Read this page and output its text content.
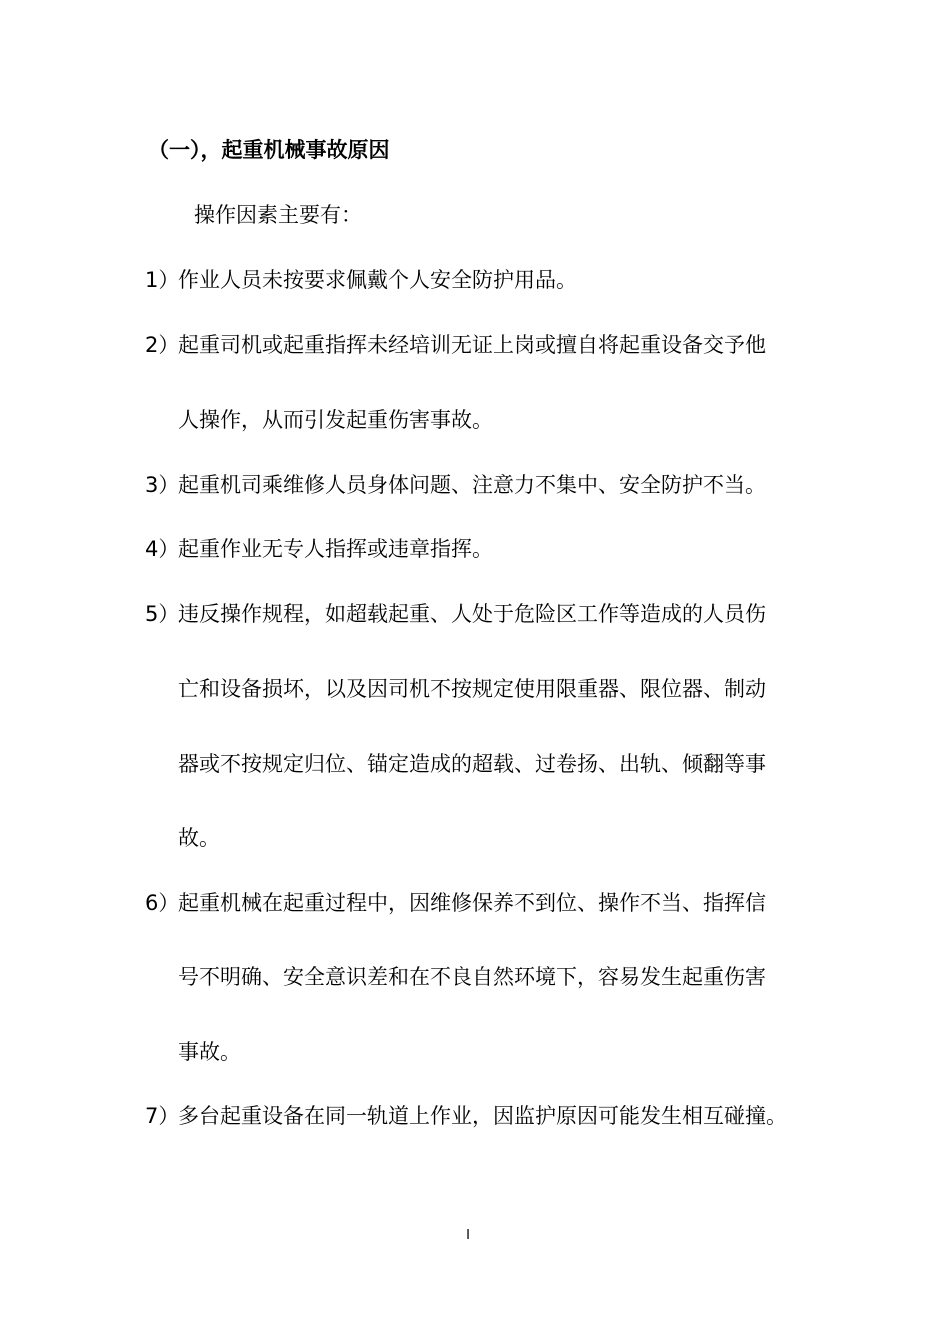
（一），起重机械事故原因
操作因素主要有：
1）
作业人员未按要求佩戴个人安全防护用品。
2）
起重司机或起重指挥未经培训无证上岗或擅自将起重设备交予他
人操作，从而引发起重伤害事故。
3）
起重机司乘维修人员身体问题、注意力不集中、安全防护不当。
4）
起重作业无专人指挥或违章指挥。
5）
违反操作规程，如超载起重、人处于危险区工作等造成的人员伤
亡和设备损坏，以及因司机不按规定使用限重器、限位器、制动
器或不按规定归位、锚定造成的超载、过卷扬、出轨、倾翻等事
故。
6）
起重机械在起重过程中，因维修保养不到位、操作不当、指挥信
号不明确、安全意识差和在不良自然环境下，容易发生起重伤害
事故。
7）
多台起重设备在同一轨道上作业，因监护原因可能发生相互碰撞。
I
